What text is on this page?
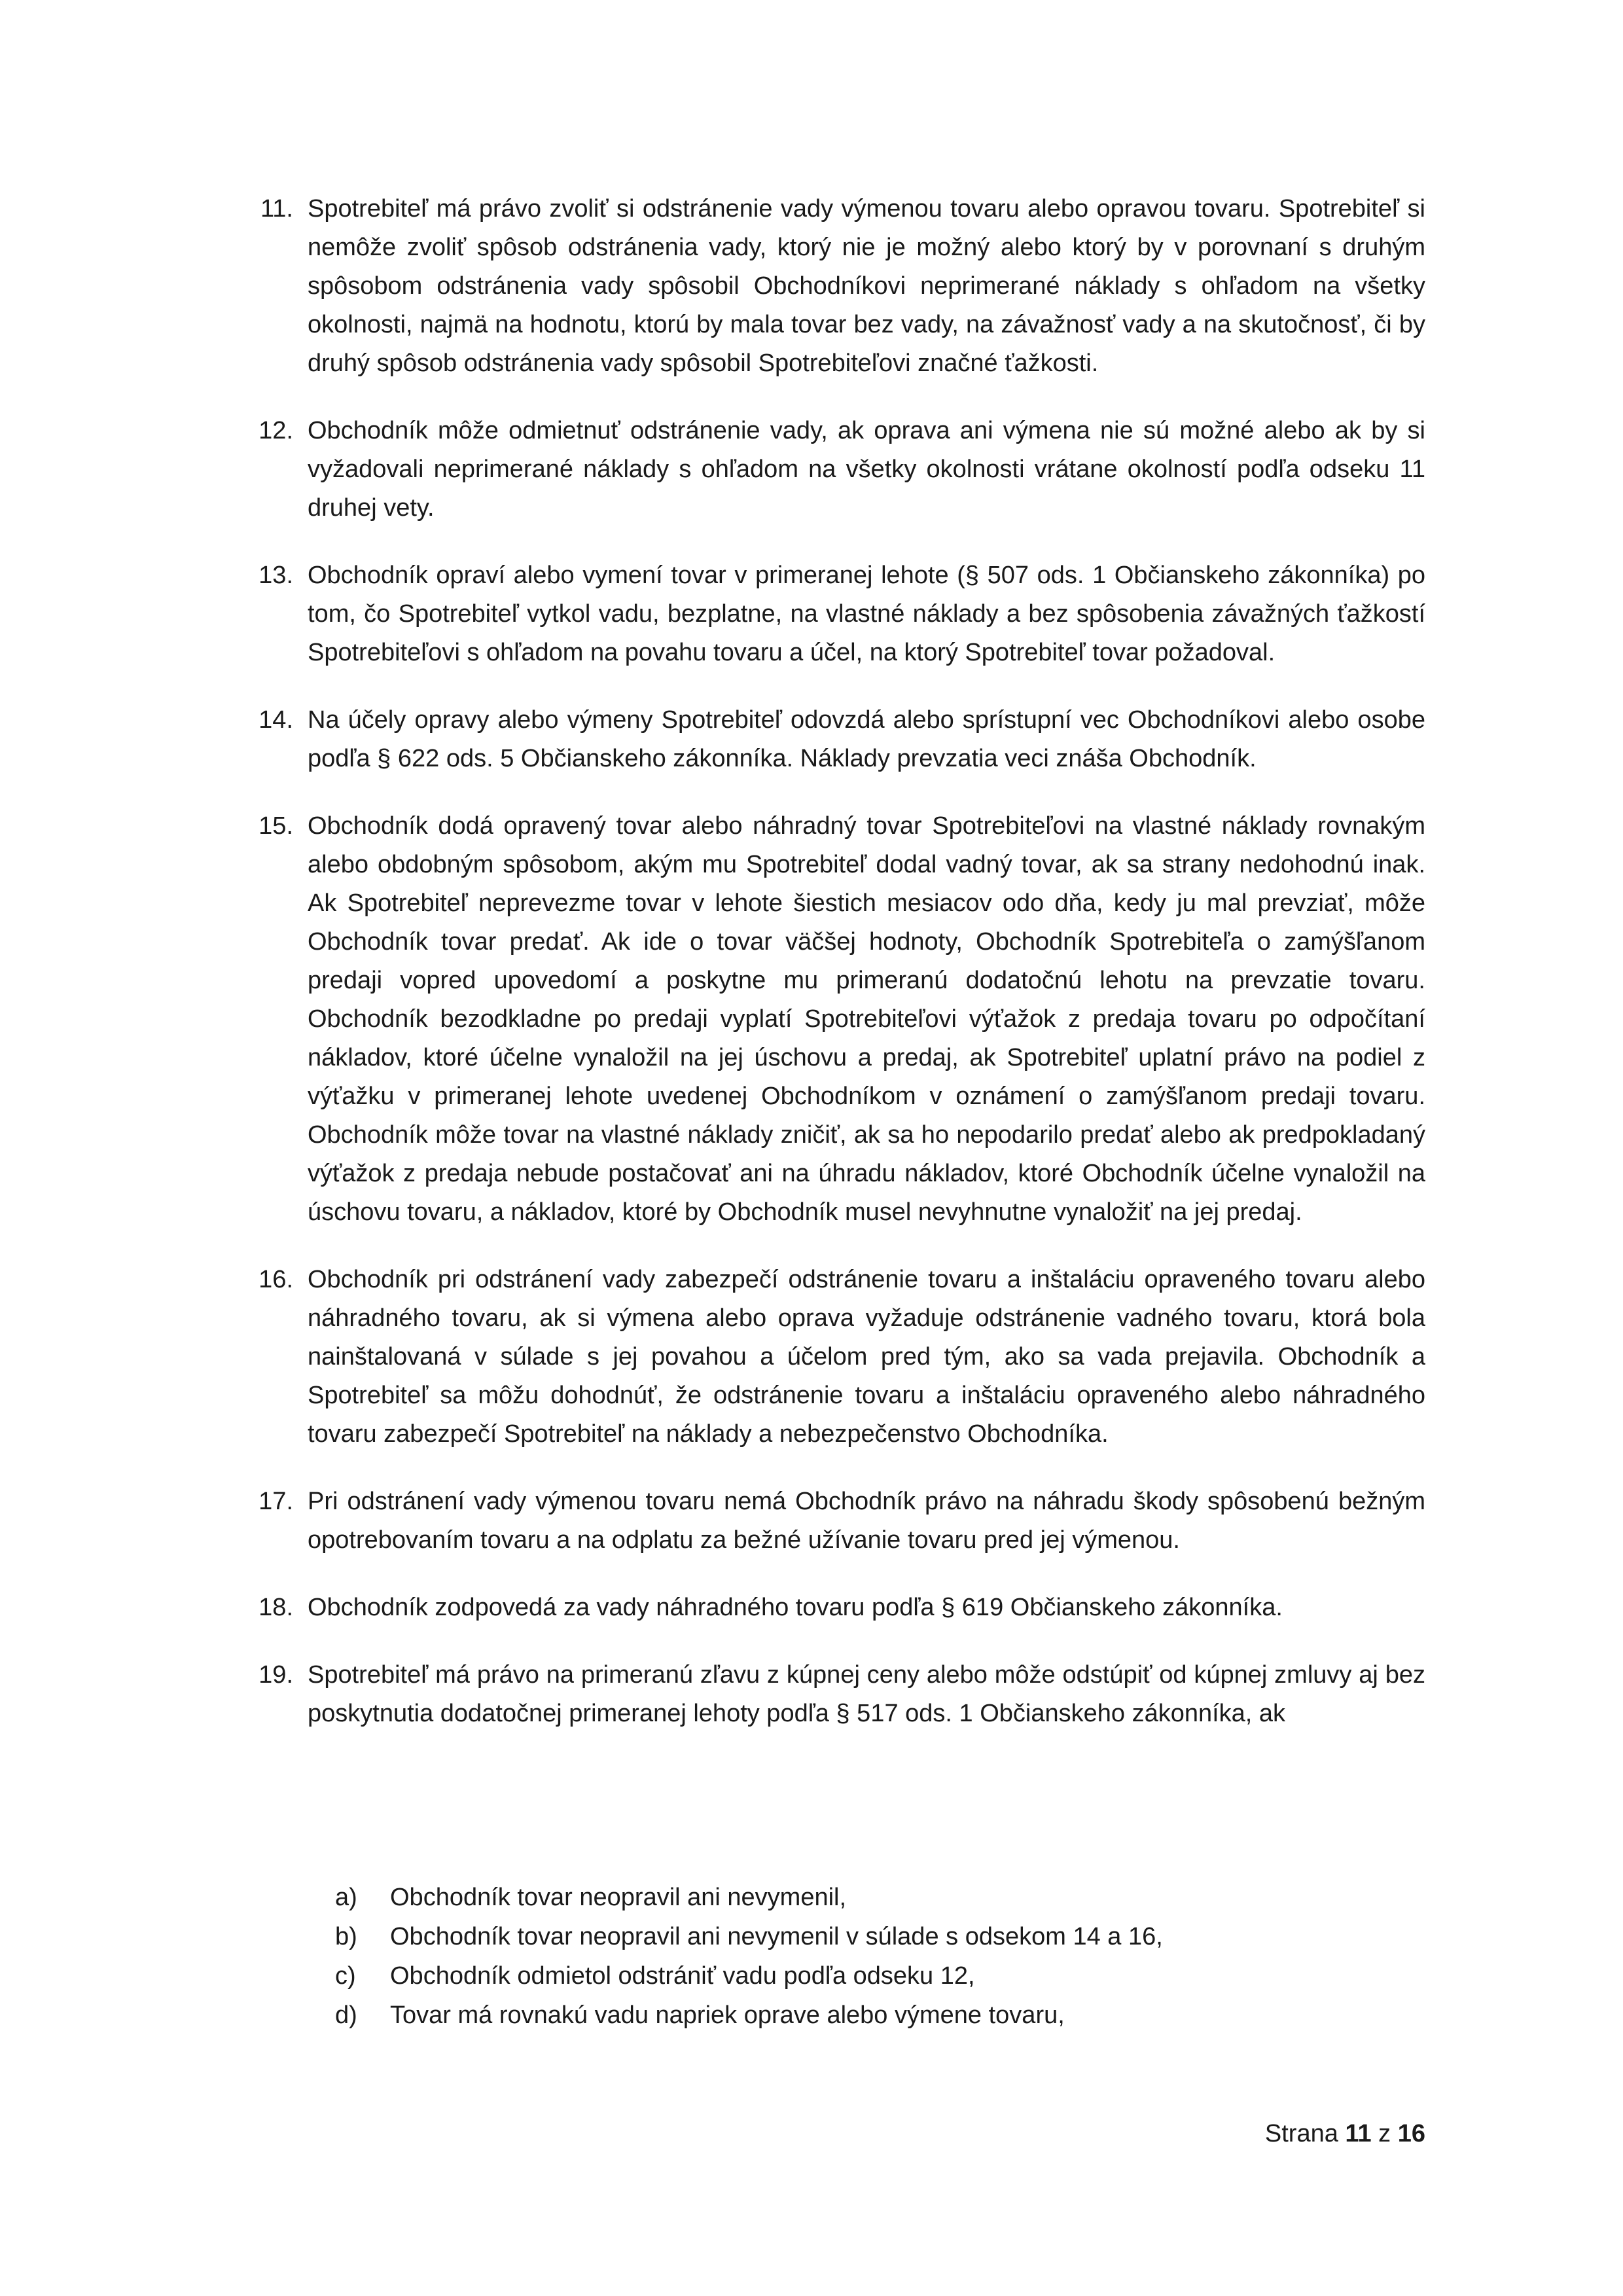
11. Spotrebiteľ má právo zvoliť si odstránenie vady výmenou tovaru alebo opravou tovaru. Spotrebiteľ si nemôže zvoliť spôsob odstránenia vady, ktorý nie je možný alebo ktorý by v porovnaní s druhým spôsobom odstránenia vady spôsobil Obchodníkovi neprimerané náklady s ohľadom na všetky okolnosti, najmä na hodnotu, ktorú by mala tovar bez vady, na závažnosť vady a na skutočnosť, či by druhý spôsob odstránenia vady spôsobil Spotrebiteľovi značné ťažkosti.
12. Obchodník môže odmietnuť odstránenie vady, ak oprava ani výmena nie sú možné alebo ak by si vyžadovali neprimerané náklady s ohľadom na všetky okolnosti vrátane okolností podľa odseku 11 druhej vety.
13. Obchodník opraví alebo vymení tovar v primeranej lehote (§ 507 ods. 1 Občianskeho zákonníka) po tom, čo Spotrebiteľ vytkol vadu, bezplatne, na vlastné náklady a bez spôsobenia závažných ťažkostí Spotrebiteľovi s ohľadom na povahu tovaru a účel, na ktorý Spotrebiteľ tovar požadoval.
14. Na účely opravy alebo výmeny Spotrebiteľ odovzdá alebo sprístupní vec Obchodníkovi alebo osobe podľa § 622 ods. 5 Občianskeho zákonníka. Náklady prevzatia veci znáša Obchodník.
15. Obchodník dodá opravený tovar alebo náhradný tovar Spotrebiteľovi na vlastné náklady rovnakým alebo obdobným spôsobom, akým mu Spotrebiteľ dodal vadný tovar, ak sa strany nedohodnú inak. Ak Spotrebiteľ neprevezme tovar v lehote šiestich mesiacov odo dňa, kedy ju mal prevziať, môže Obchodník tovar predať. Ak ide o tovar väčšej hodnoty, Obchodník Spotrebiteľa o zamýšľanom predaji vopred upovedomí a poskytne mu primeranú dodatočnú lehotu na prevzatie tovaru. Obchodník bezodkladne po predaji vyplatí Spotrebiteľovi výťažok z predaja tovaru po odpočítaní nákladov, ktoré účelne vynaložil na jej úschovu a predaj, ak Spotrebiteľ uplatní právo na podiel z výťažku v primeranej lehote uvedenej Obchodníkom v oznámení o zamýšľanom predaji tovaru. Obchodník môže tovar na vlastné náklady zničiť, ak sa ho nepodarilo predať alebo ak predpokladaný výťažok z predaja nebude postačovať ani na úhradu nákladov, ktoré Obchodník účelne vynaložil na úschovu tovaru, a nákladov, ktoré by Obchodník musel nevyhnutne vynaložiť na jej predaj.
16. Obchodník pri odstránení vady zabezpečí odstránenie tovaru a inštaláciu opraveného tovaru alebo náhradného tovaru, ak si výmena alebo oprava vyžaduje odstránenie vadného tovaru, ktorá bola nainštalovaná v súlade s jej povahou a účelom pred tým, ako sa vada prejavila. Obchodník a Spotrebiteľ sa môžu dohodnúť, že odstránenie tovaru a inštaláciu opraveného alebo náhradného tovaru zabezpečí Spotrebiteľ na náklady a nebezpečenstvo Obchodníka.
17. Pri odstránení vady výmenou tovaru nemá Obchodník právo na náhradu škody spôsobenú bežným opotrebovaním tovaru a na odplatu za bežné užívanie tovaru pred jej výmenou.
18. Obchodník zodpovedá za vady náhradného tovaru podľa § 619 Občianskeho zákonníka.
19. Spotrebiteľ má právo na primeranú zľavu z kúpnej ceny alebo môže odstúpiť od kúpnej zmluvy aj bez poskytnutia dodatočnej primeranej lehoty podľa § 517 ods. 1 Občianskeho zákonníka, ak
a)	Obchodník tovar neopravil ani nevymenil,
b)	Obchodník tovar neopravil ani nevymenil v súlade s odsekom 14 a 16,
c)	Obchodník odmietol odstrániť vadu podľa odseku 12,
d)	Tovar má rovnakú vadu napriek oprave alebo výmene tovaru,
Strana 11 z 16
